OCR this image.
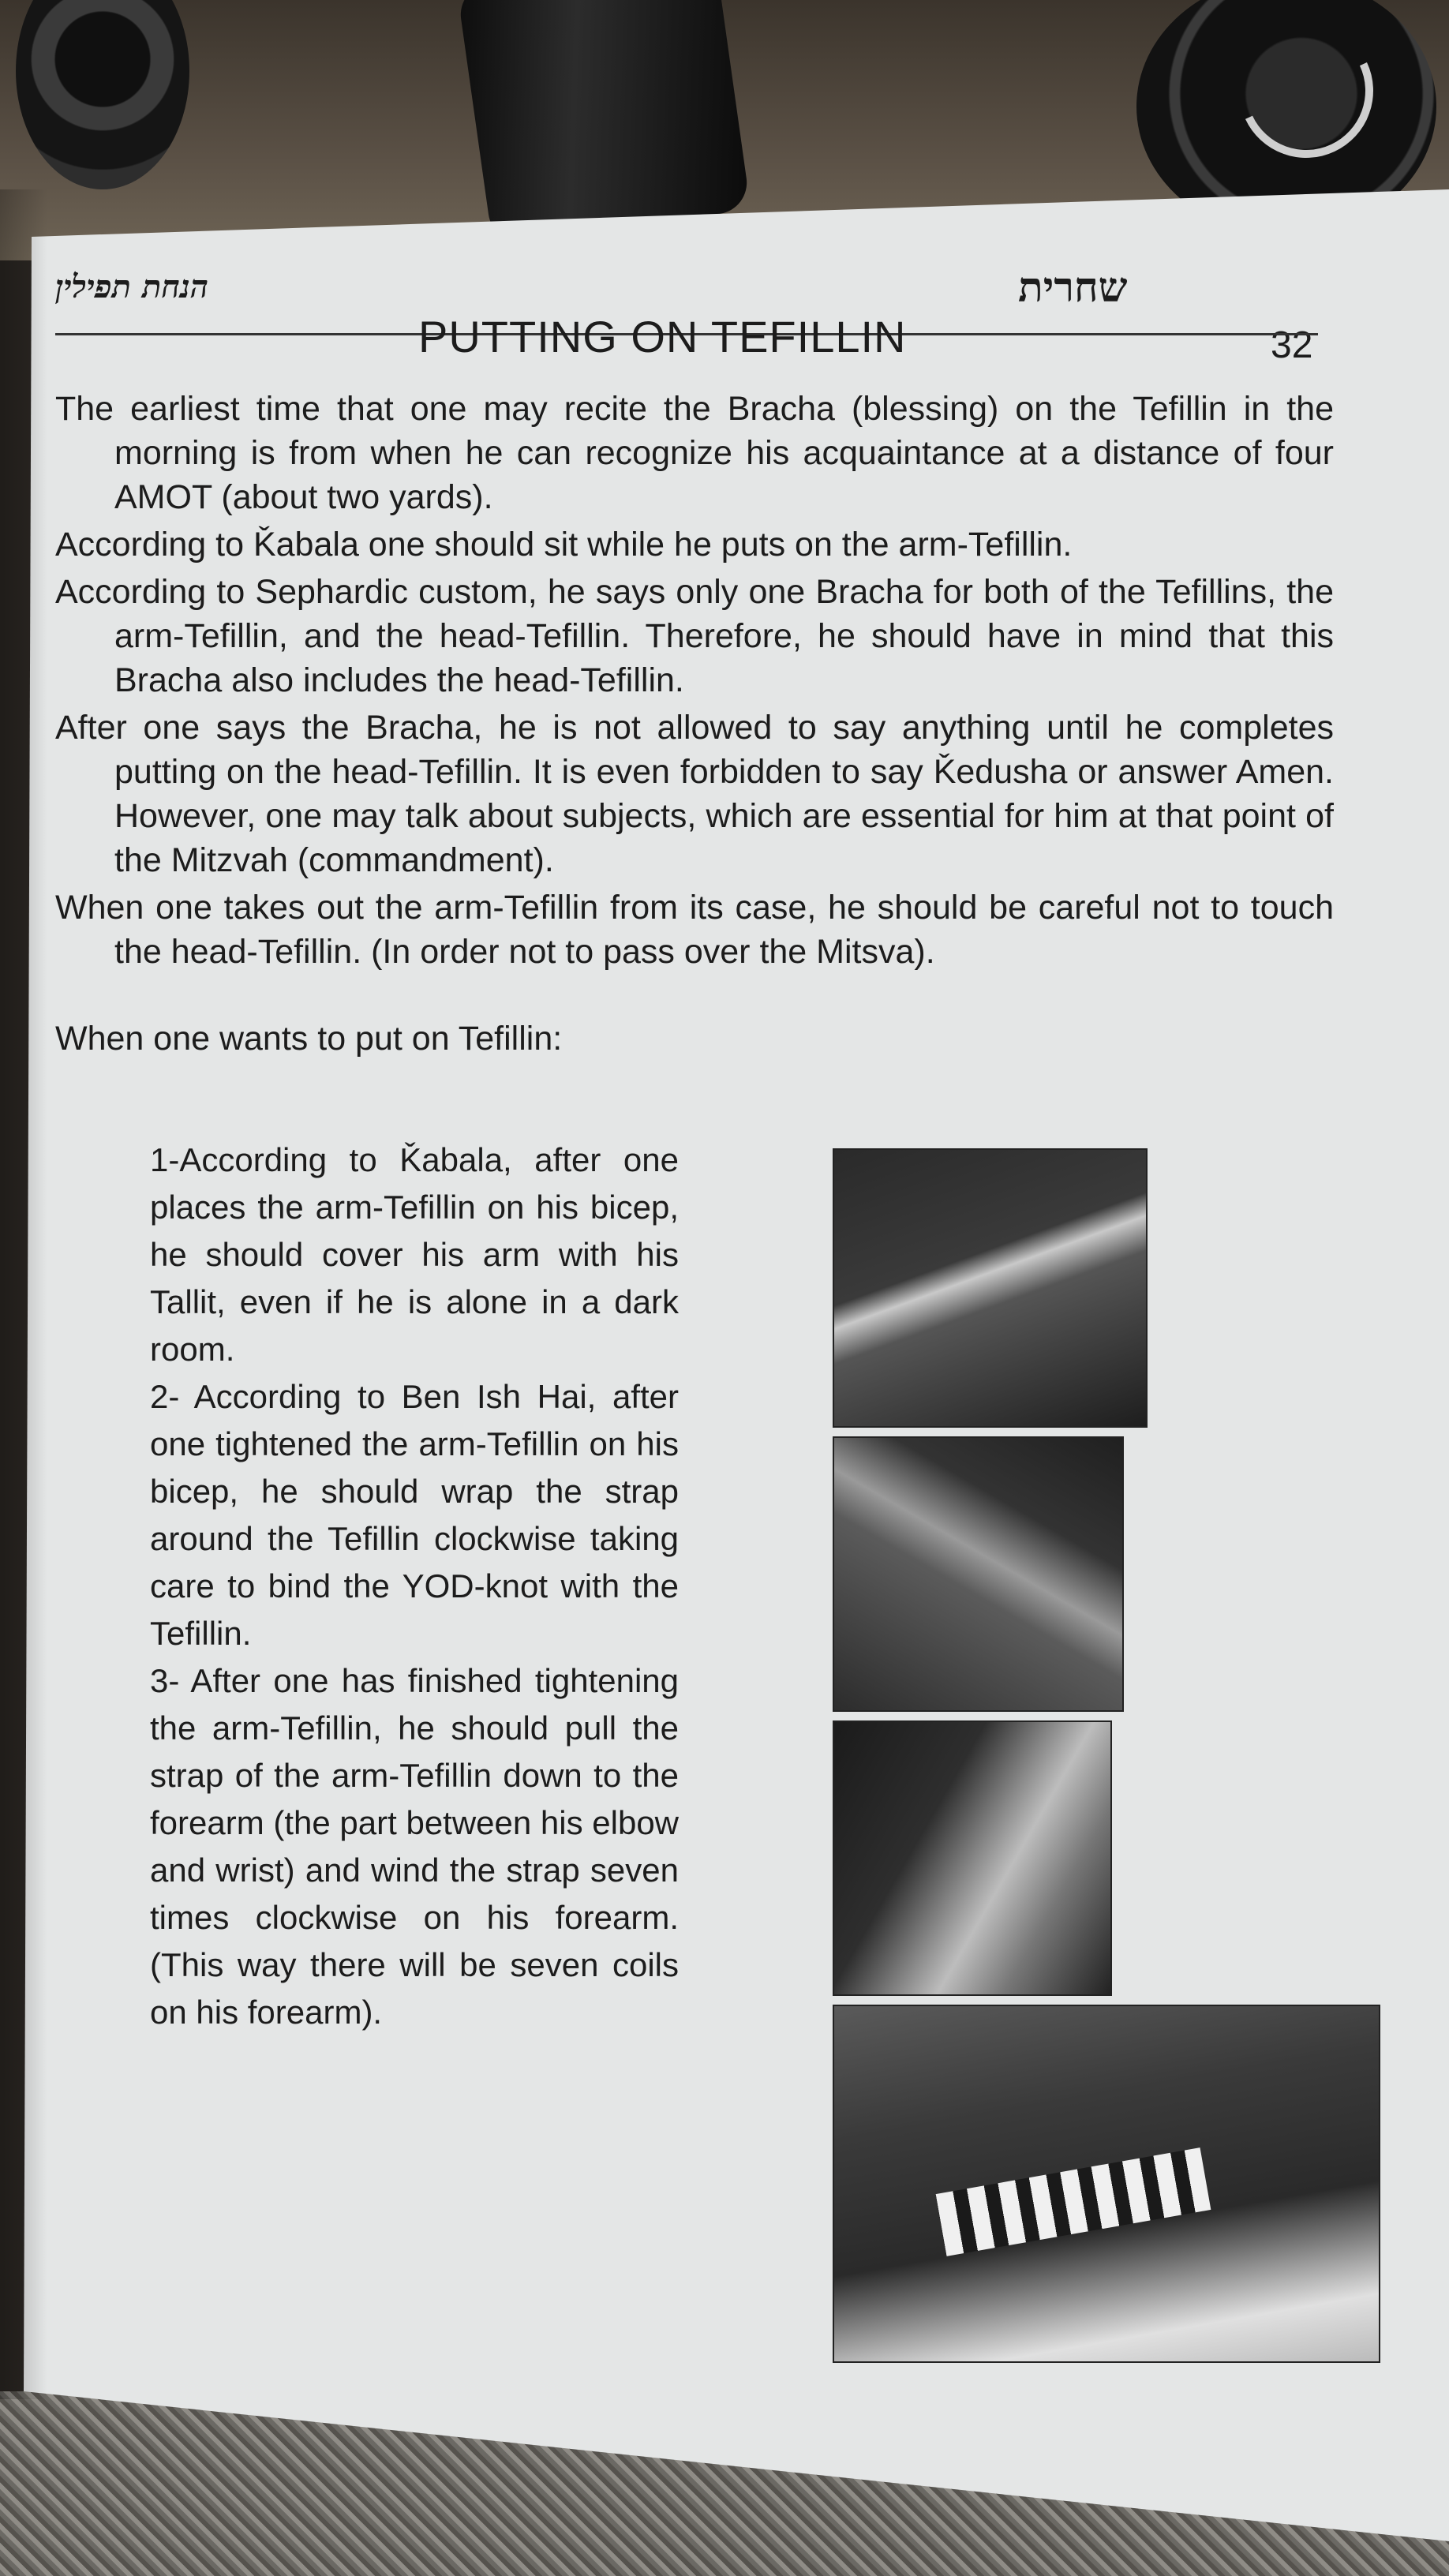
הנחת תפילין	שחרית
32
PUTTING ON TEFILLIN

The earliest time that one may recite the Bracha (blessing) on the Tefillin in the morning is from when he can recognize his acquaintance at a distance of four AMOT (about two yards).

According to Ǩabala one should sit while he puts on the arm-Tefillin.

According to Sephardic custom, he says only one Bracha for both of the Tefillins, the arm-Tefillin, and the head-Tefillin. Therefore, he should have in mind that this Bracha also includes the head-Tefillin.

After one says the Bracha, he is not allowed to say anything until he completes putting on the head-Tefillin. It is even forbidden to say Ǩedusha or answer Amen. However, one may talk about subjects, which are essential for him at that point of the Mitzvah (commandment).

When one takes out the arm-Tefillin from its case, he should be careful not to touch the head-Tefillin. (In order not to pass over the Mitsva).

When one wants to put on Tefillin:

1-According to Ǩabala, after one places the arm-Tefillin on his bicep, he should cover his arm with his Tallit, even if he is alone in a dark room.

2- According to Ben Ish Hai, after one tightened the arm-Tefillin on his bicep, he should wrap the strap around the Tefillin clockwise taking care to bind the YOD-knot with the Tefillin.

3- After one has finished tightening the arm-Tefillin, he should pull the strap of the arm-Tefillin down to the forearm (the part between his elbow and wrist) and wind the strap seven times clockwise on his forearm. (This way there will be seven coils on his forearm).
